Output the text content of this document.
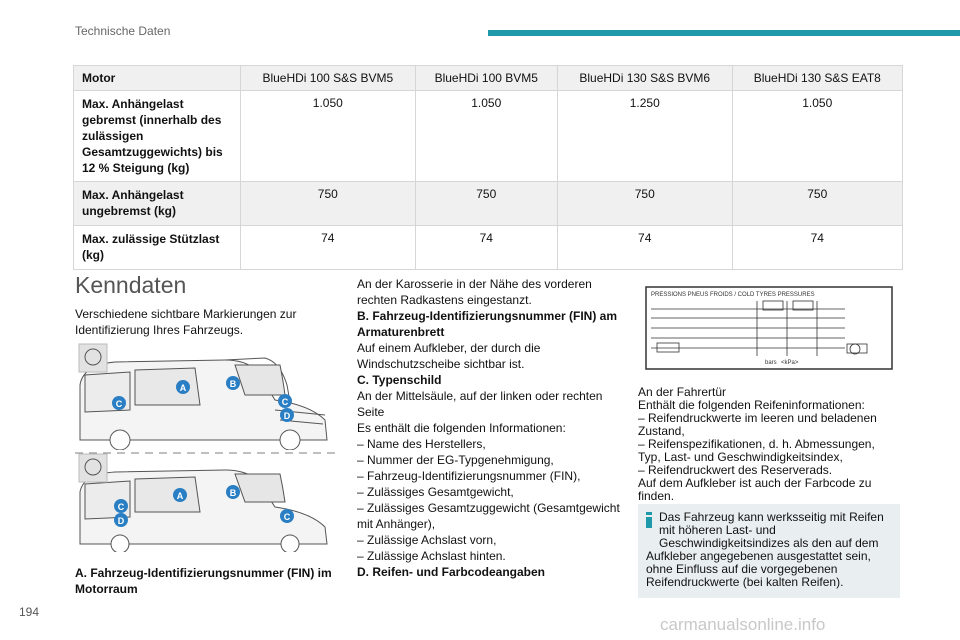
Technische Daten
Motor	BlueHDi 100 S&S BVM5	BlueHDi 100 BVM5	BlueHDi 130 S&S BVM6	BlueHDi 130 S&S EAT8
Max. Anhängelast gebremst (innerhalb des zulässigen Gesamtzuggewichts) bis 12 % Steigung (kg)	1.050	1.050	1.250	1.050
Max. Anhängelast ungebremst (kg)	750	750	750	750
Max. zulässige Stützlast (kg)	74	74	74	74
Kenndaten
Verschiedene sichtbare Markierungen zur Identifizierung Ihres Fahrzeugs.
A	B
C	C
D
A	B
C
D	C
A. Fahrzeug-Identifizierungsnummer (FIN) im Motorraum
An der Karosserie in der Nähe des vorderen rechten Radkastens eingestanzt.
B. Fahrzeug-Identifizierungsnummer (FIN) am Armaturenbrett
Auf einem Aufkleber, der durch die Windschutzscheibe sichtbar ist.
C. Typenschild
An der Mittelsäule, auf der linken oder rechten Seite
Es enthält die folgenden Informationen:
– Name des Herstellers,
– Nummer der EG-Typgenehmigung,
– Fahrzeug-Identifizierungsnummer (FIN),
– Zulässiges Gesamtgewicht,
– Zulässiges Gesamtzuggewicht (Gesamtgewicht mit Anhänger),
– Zulässige Achslast vorn,
– Zulässige Achslast hinten.
D. Reifen- und Farbcodeangaben
PRESSIONS PNEUS FROIDS / COLD TYRES PRESSURES
bars <kPa>
An der Fahrertür
Enthält die folgenden Reifeninformationen:
– Reifendruckwerte im leeren und beladenen Zustand,
– Reifenspezifikationen, d. h. Abmessungen, Typ, Last- und Geschwindigkeitsindex,
– Reifendruckwert des Reserverads.
Auf dem Aufkleber ist auch der Farbcode zu finden.
Das Fahrzeug kann werksseitig mit Reifen mit höheren Last- und Geschwindigkeitsindizes als den auf dem
Aufkleber angegebenen ausgestattet sein, ohne Einfluss auf die vorgegebenen Reifendruckwerte (bei kalten Reifen).
194
carmanualsonline.info
